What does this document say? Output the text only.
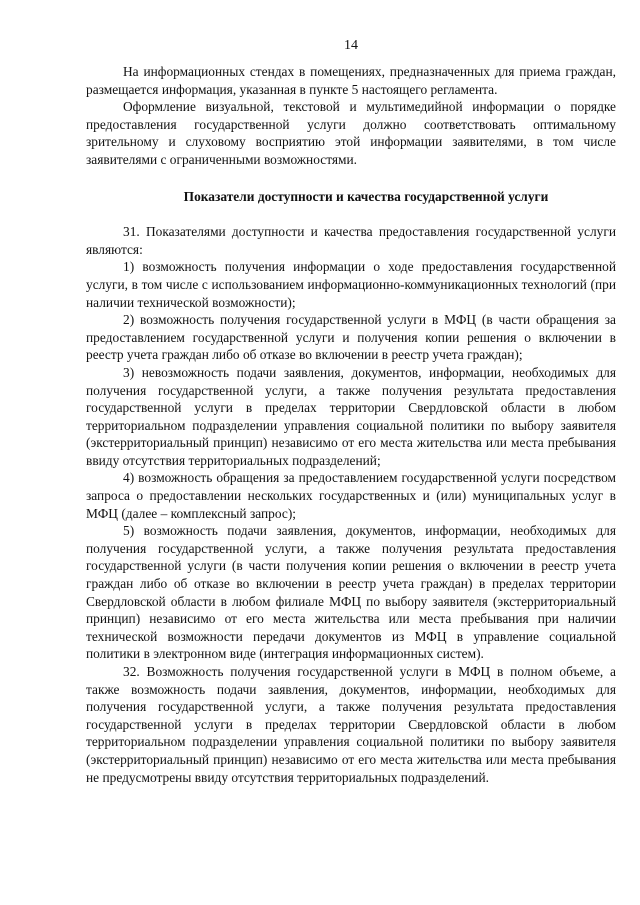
14

На информационных стендах в помещениях, предназначенных для приема граждан, размещается информация, указанная в пункте 5 настоящего регламента.

Оформление визуальной, текстовой и мультимедийной информации о порядке предоставления государственной услуги должно соответствовать оптимальному зрительному и слуховому восприятию этой информации заявителями, в том числе заявителями с ограниченными возможностями.

Показатели доступности и качества государственной услуги

31. Показателями доступности и качества предоставления государственной услуги являются:

1) возможность получения информации о ходе предоставления государственной услуги, в том числе с использованием информационно-коммуникационных технологий (при наличии технической возможности);

2) возможность получения государственной услуги в МФЦ (в части обращения за предоставлением государственной услуги и получения копии решения о включении в реестр учета граждан либо об отказе во включении в реестр учета граждан);

3) невозможность подачи заявления, документов, информации, необходимых для получения государственной услуги, а также получения результата предоставления государственной услуги в пределах территории Свердловской области в любом территориальном подразделении управления социальной политики по выбору заявителя (экстерриториальный принцип) независимо от его места жительства или места пребывания ввиду отсутствия территориальных подразделений;

4) возможность обращения за предоставлением государственной услуги посредством запроса о предоставлении нескольких государственных и (или) муниципальных услуг в МФЦ (далее – комплексный запрос);

5) возможность подачи заявления, документов, информации, необходимых для получения государственной услуги, а также получения результата предоставления государственной услуги (в части получения копии решения о включении в реестр учета граждан либо об отказе во включении в реестр учета граждан) в пределах территории Свердловской области в любом филиале МФЦ по выбору заявителя (экстерриториальный принцип) независимо от его места жительства или места пребывания при наличии технической возможности передачи документов из МФЦ в управление социальной политики в электронном виде (интеграция информационных систем).

32. Возможность получения государственной услуги в МФЦ в полном объеме, а также возможность подачи заявления, документов, информации, необходимых для получения государственной услуги, а также получения результата предоставления государственной услуги в пределах территории Свердловской области в любом территориальном подразделении управления социальной политики по выбору заявителя (экстерриториальный принцип) независимо от его места жительства или места пребывания не предусмотрены ввиду отсутствия территориальных подразделений.
